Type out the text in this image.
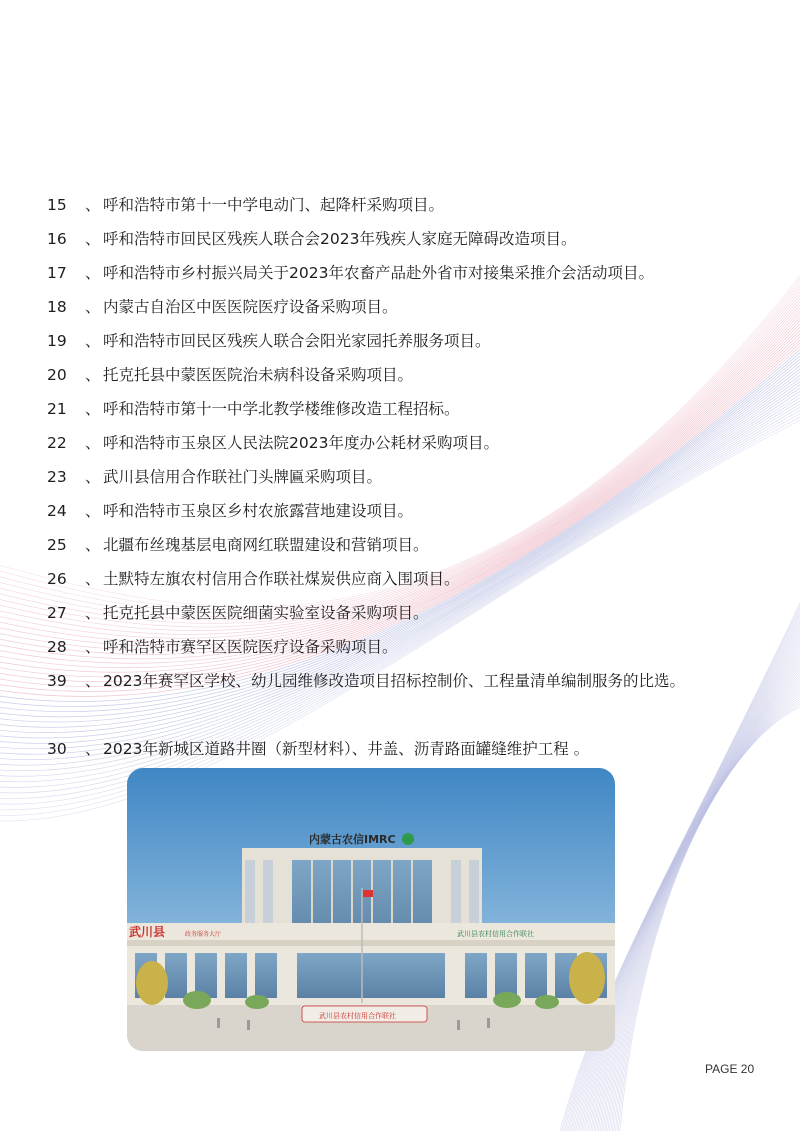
15	、 呼和浩特市第十一中学电动门、起降杆采购项目。
16	、 呼和浩特市回民区残疾人联合会2023年残疾人家庭无障碍改造项目。
17	、 呼和浩特市乡村振兴局关于2023年农畜产品赴外省市对接集采推介会活动项目。
18	、 内蒙古自治区中医医院医疗设备采购项目。
19	、 呼和浩特市回民区残疾人联合会阳光家园托养服务项目。
20	、 托克托县中蒙医医院治未病科设备采购项目。
21	、 呼和浩特市第十一中学北教学楼维修改造工程招标。
22	、 呼和浩特市玉泉区人民法院2023年度办公耗材采购项目。
23	、 武川县信用合作联社门头牌匾采购项目。
24	、 呼和浩特市玉泉区乡村农旅露营地建设项目。
25	、 北疆布丝瑰基层电商网红联盟建设和营销项目。
26	、 土默特左旗农村信用合作联社煤炭供应商入围项目。
27	、 托克托县中蒙医医院细菌实验室设备采购项目。
28	、 呼和浩特市赛罕区医院医疗设备采购项目。
39	、 2023年赛罕区学校、幼儿园维修改造项目招标控制价、工程量清单编制服务的比选。
30	、 2023年新城区道路井圈（新型材料）、井盖、沥青路面罐缝维护工程 。
内蒙古农信IMRC
武川县	政务服务大厅	武川县农村信用合作联社
武川县农村信用合作联社
PAGE 20
